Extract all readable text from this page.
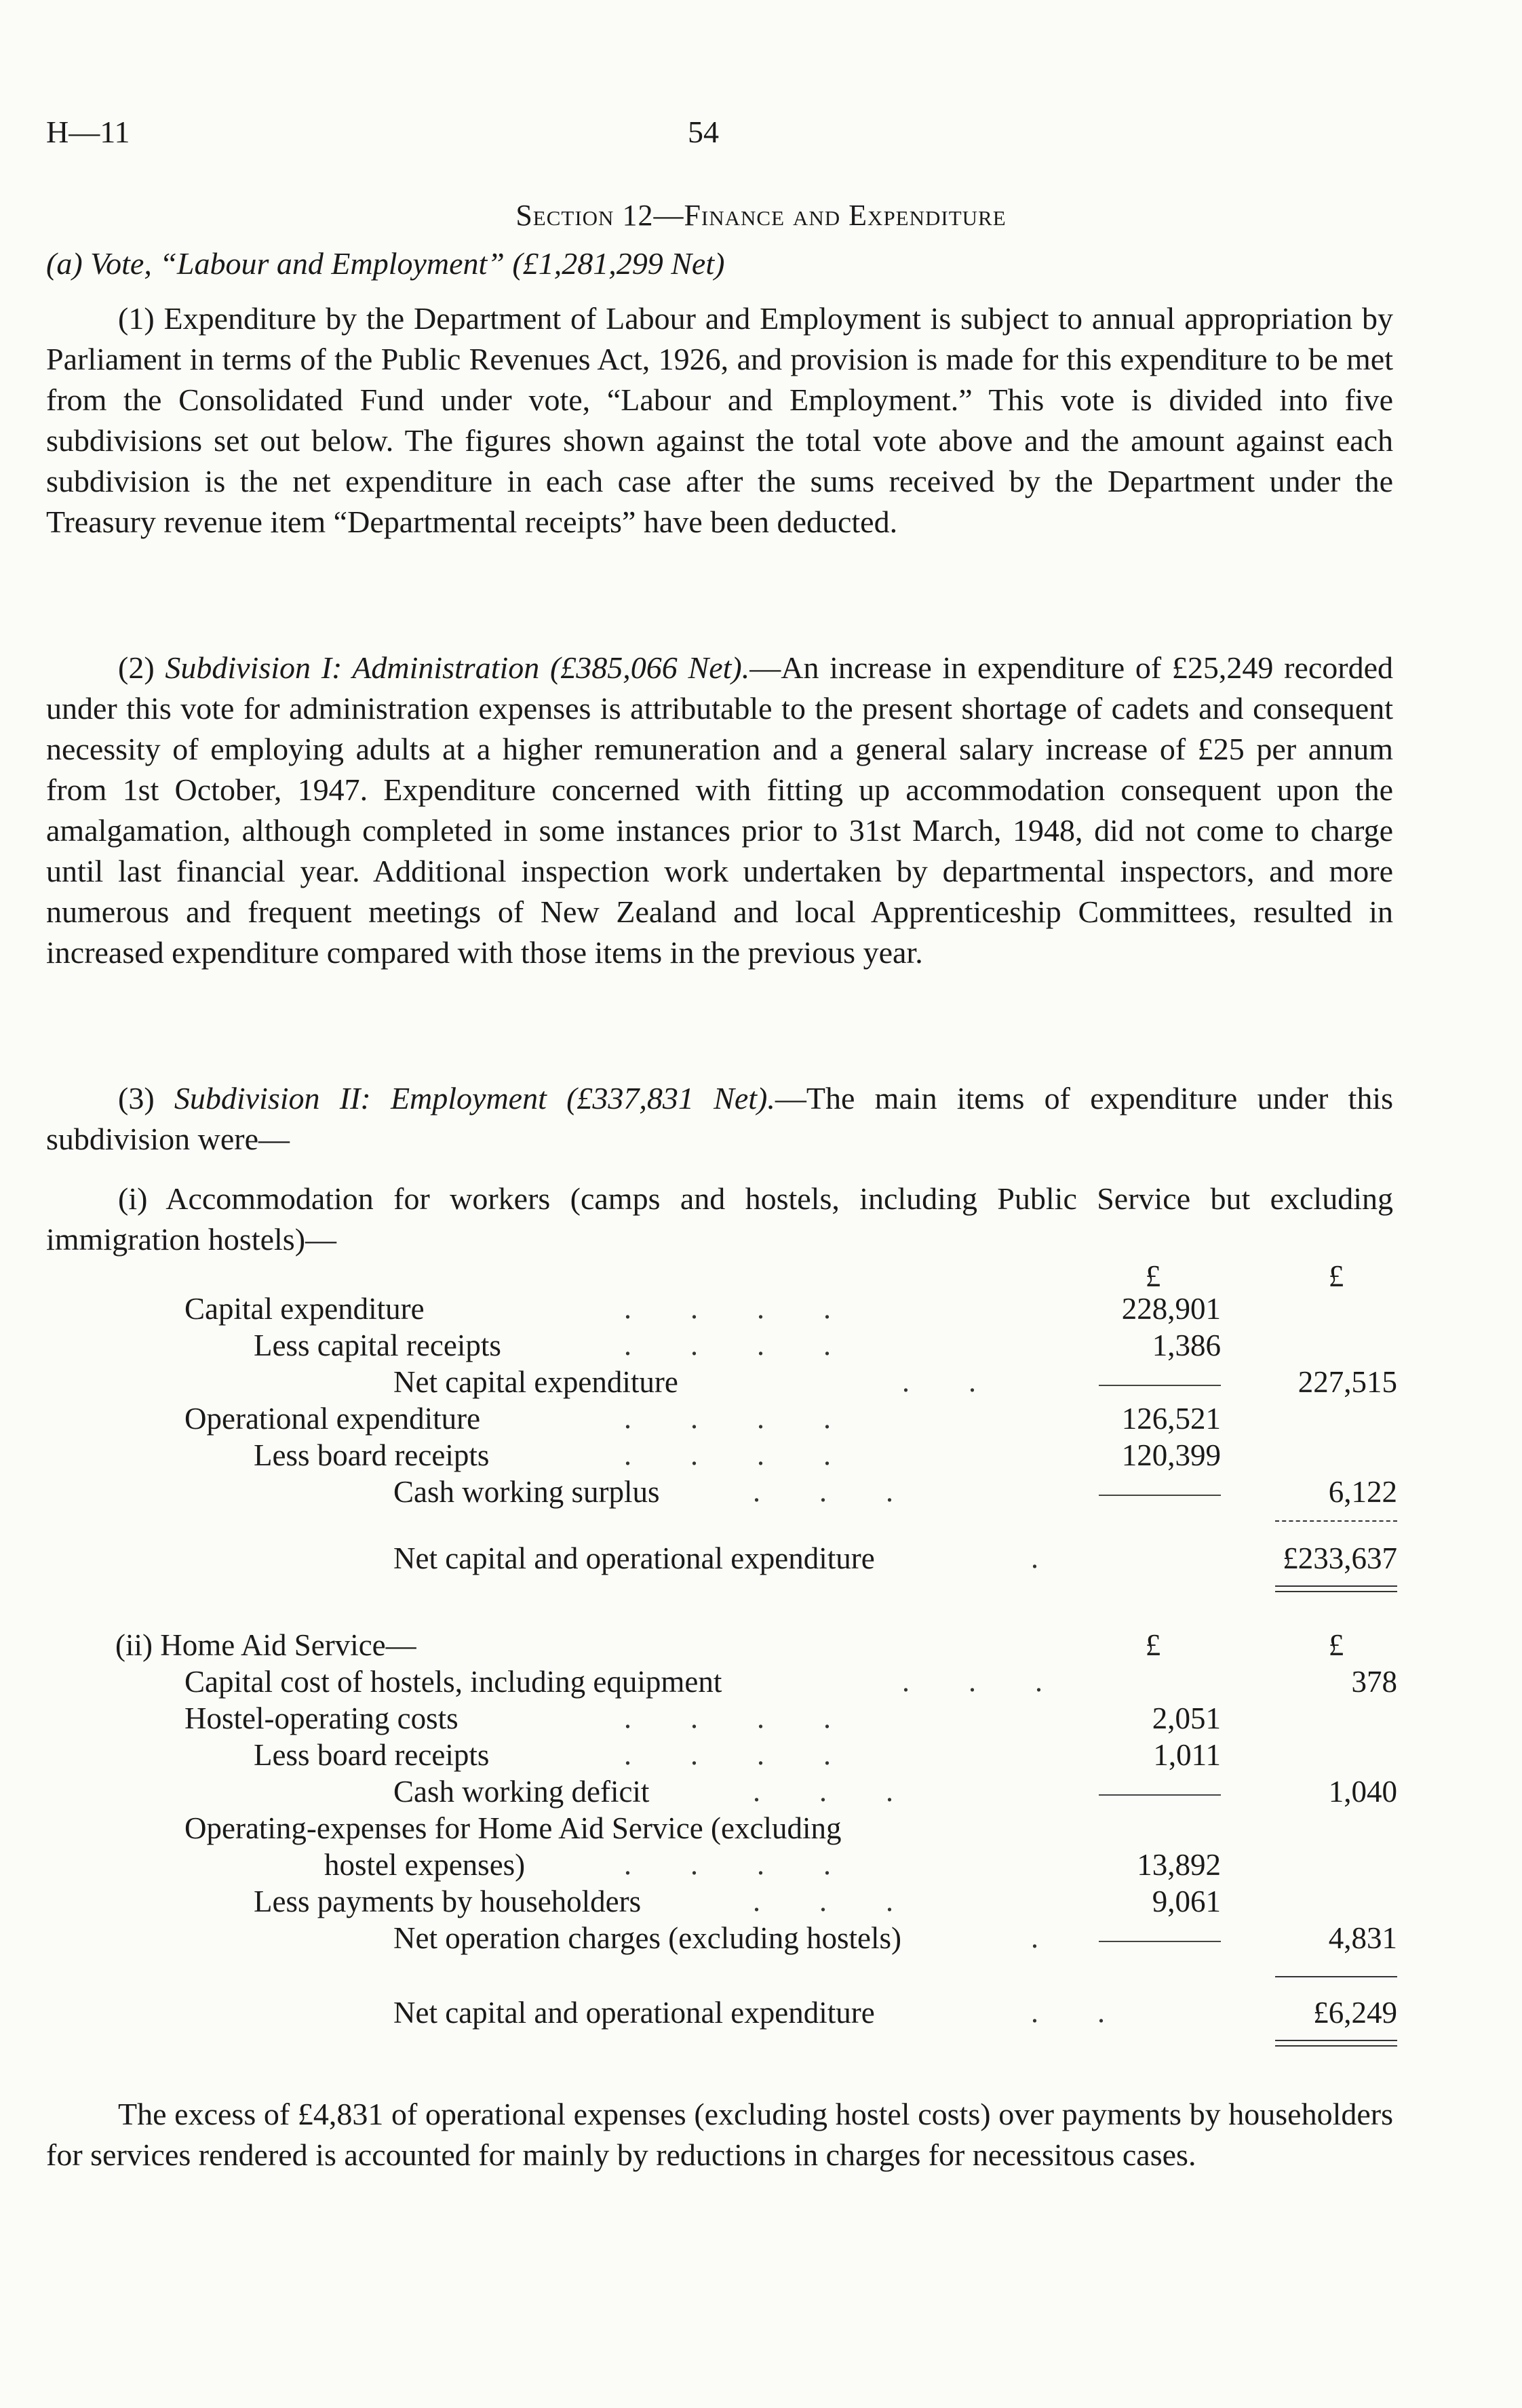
H—11	54
Section 12—Finance and Expenditure
(a) Vote, “Labour and Employment” (£1,281,299 Net)

(1) Expenditure by the Department of Labour and Employment is subject to annual appropriation by Parliament in terms of the Public Revenues Act, 1926, and provision is made for this expenditure to be met from the Consolidated Fund under vote, “Labour and Employment.” This vote is divided into five subdivisions set out below. The figures shown against the total vote above and the amount against each subdivision is the net expenditure in each case after the sums received by the Department under the Treasury revenue item “Departmental receipts” have been deducted.

(2) Subdivision I: Administration (£385,066 Net).—An increase in expenditure of £25,249 recorded under this vote for administration expenses is attributable to the present shortage of cadets and consequent necessity of employing adults at a higher remuneration and a general salary increase of £25 per annum from 1st October, 1947. Expenditure concerned with fitting up accommodation consequent upon the amalgamation, although completed in some instances prior to 31st March, 1948, did not come to charge until last financial year. Additional inspection work undertaken by departmental inspectors, and more numerous and frequent meetings of New Zealand and local Apprenticeship Committees, resulted in increased expenditure compared with those items in the previous year.

(3) Subdivision II: Employment (£337,831 Net).—The main items of expenditure under this subdivision were—

(i) Accommodation for workers (camps and hostels, including Public Service but excluding immigration hostels)—

£	£
Capital expenditure	. . . .	228,901
Less capital receipts	. . . .	1,386
Net capital expenditure	. .	227,515
Operational expenditure	. . . .	126,521
Less board receipts	. . . .	120,399
Cash working surplus	. . .	6,122
Net capital and operational expenditure	.	£233,637
(ii) Home Aid Service—	£	£
Capital cost of hostels, including equipment	. . .	378
Hostel-operating costs	. . . .	2,051
Less board receipts	. . . .	1,011
Cash working deficit	. . .	1,040
Operating-expenses for Home Aid Service (excluding
hostel expenses)	. . . .	13,892
Less payments by householders	. . .	9,061
Net operation charges (excluding hostels)	.	4,831
Net capital and operational expenditure	. .	£6,249

The excess of £4,831 of operational expenses (excluding hostel costs) over payments by householders for services rendered is accounted for mainly by reductions in charges for necessitous cases.
